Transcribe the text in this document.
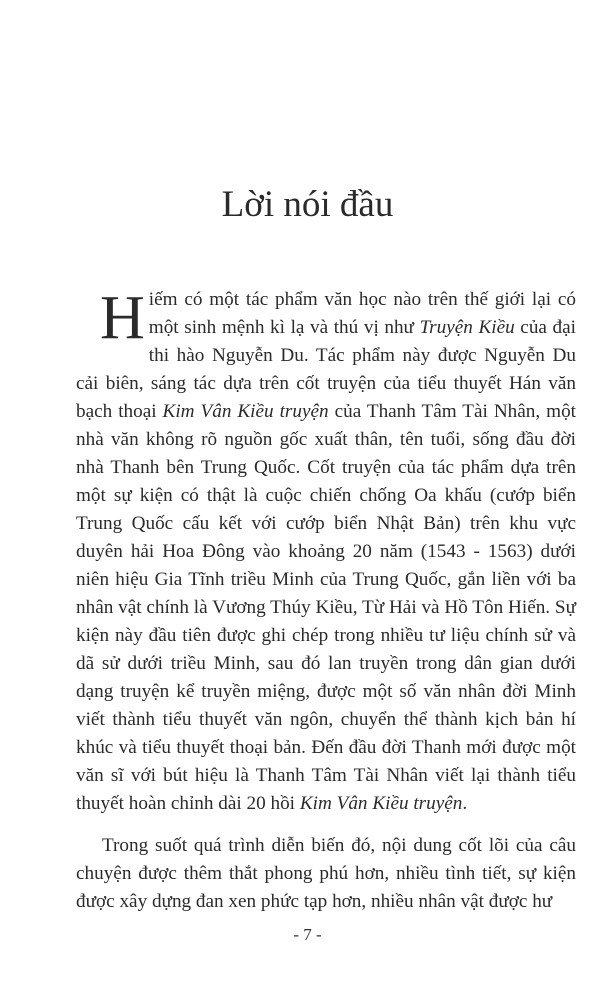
Lời nói đầu

Hiếm có một tác phẩm văn học nào trên thế giới lại có một sinh mệnh kì lạ và thú vị như Truyện Kiều của đại thi hào Nguyễn Du. Tác phẩm này được Nguyễn Du cải biên, sáng tác dựa trên cốt truyện của tiểu thuyết Hán văn bạch thoại Kim Vân Kiều truyện của Thanh Tâm Tài Nhân, một nhà văn không rõ nguồn gốc xuất thân, tên tuổi, sống đầu đời nhà Thanh bên Trung Quốc. Cốt truyện của tác phẩm dựa trên một sự kiện có thật là cuộc chiến chống Oa khấu (cướp biển Trung Quốc cấu kết với cướp biển Nhật Bản) trên khu vực duyên hải Hoa Đông vào khoảng 20 năm (1543 - 1563) dưới niên hiệu Gia Tĩnh triều Minh của Trung Quốc, gắn liền với ba nhân vật chính là Vương Thúy Kiều, Từ Hải và Hồ Tôn Hiến. Sự kiện này đầu tiên được ghi chép trong nhiều tư liệu chính sử và dã sử dưới triều Minh, sau đó lan truyền trong dân gian dưới dạng truyện kể truyền miệng, được một số văn nhân đời Minh viết thành tiểu thuyết văn ngôn, chuyển thể thành kịch bản hí khúc và tiểu thuyết thoại bản. Đến đầu đời Thanh mới được một văn sĩ với bút hiệu là Thanh Tâm Tài Nhân viết lại thành tiểu thuyết hoàn chỉnh dài 20 hồi Kim Vân Kiều truyện.

Trong suốt quá trình diễn biến đó, nội dung cốt lõi của câu chuyện được thêm thắt phong phú hơn, nhiều tình tiết, sự kiện được xây dựng đan xen phức tạp hơn, nhiều nhân vật được hư

- 7 -
